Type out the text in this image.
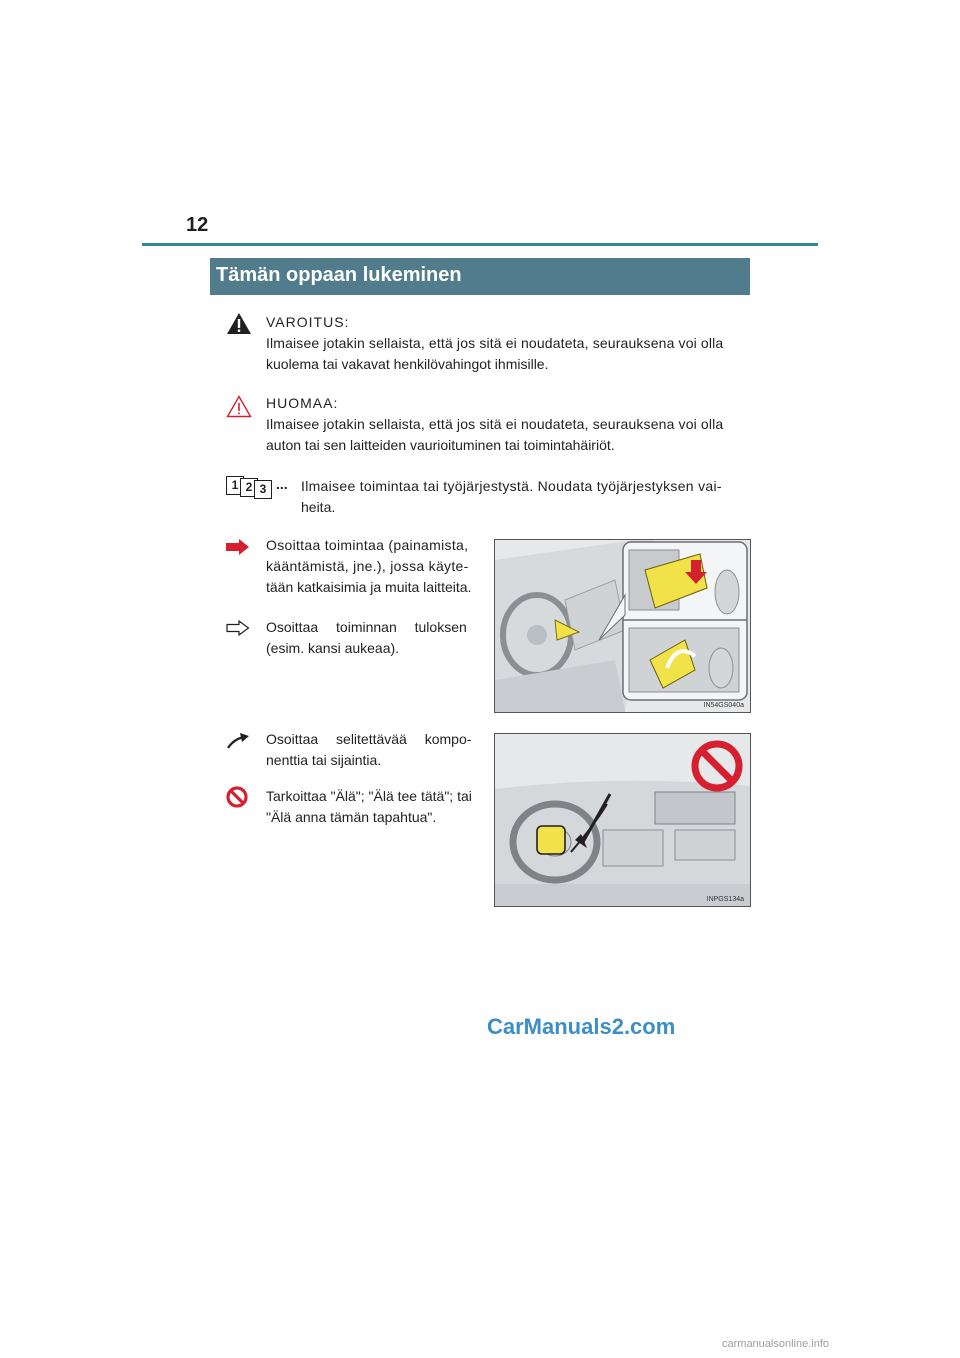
12
Tämän oppaan lukeminen
VAROITUS:
Ilmaisee jotakin sellaista, että jos sitä ei noudateta, seurauksena voi olla
kuolema tai vakavat henkilövahingot ihmisille.
HUOMAA:
Ilmaisee jotakin sellaista, että jos sitä ei noudateta, seurauksena voi olla
auton tai sen laitteiden vaurioituminen tai toimintahäiriöt.
1 2 3 ... Ilmaisee toimintaa tai työjärjestystä. Noudata työjärjestyksen vai-
heita.
Osoittaa toimintaa (painamista,
kääntämistä, jne.), jossa käyte-
tään katkaisimia ja muita laitteita.
Osoittaa toiminnan tuloksen
(esim. kansi aukeaa).
IN54GS040a
Osoittaa selitettävää kompo-
nenttia tai sijaintia.
Tarkoittaa "Älä"; "Älä tee tätä"; tai
"Älä anna tämän tapahtua".
INPGS134a
CarManuals2.com
carmanualsonline.info
